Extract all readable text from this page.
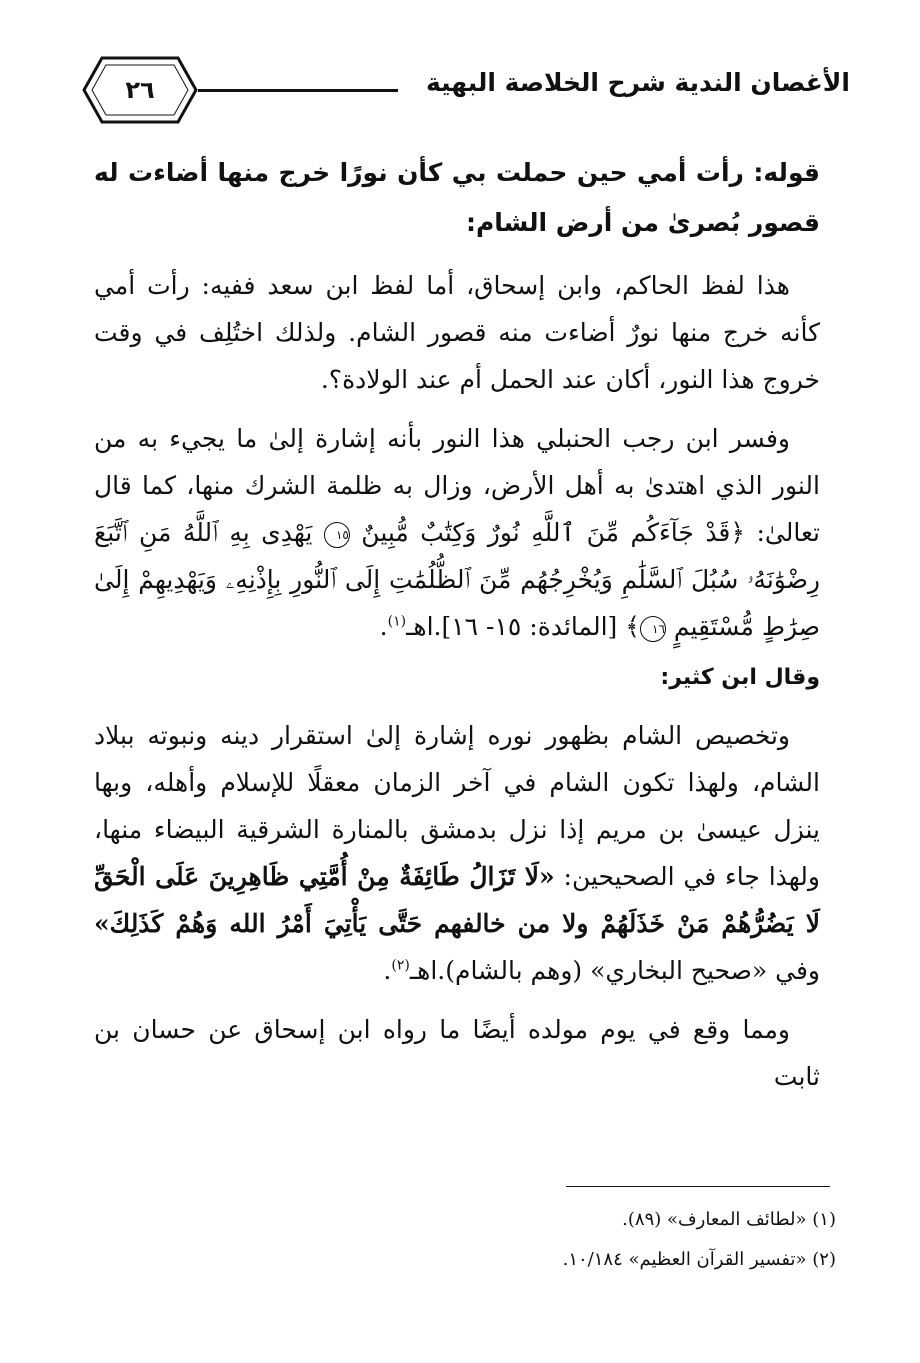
٢٦	الأغصان الندية شرح الخلاصة البهية

قوله: رأت أمي حين حملت بي كأن نورًا خرج منها أضاءت له قصور بُصرىٰ من أرض الشام:

هذا لفظ الحاكم، وابن إسحاق، أما لفظ ابن سعد ففيه: رأت أمي كأنه خرج منها نورٌ أضاءت منه قصور الشام. ولذلك اختُلِف في وقت خروج هذا النور، أكان عند الحمل أم عند الولادة؟.

وفسر ابن رجب الحنبلي هذا النور بأنه إشارة إلىٰ ما يجيء به من النور الذي اهتدىٰ به أهل الأرض، وزال به ظلمة الشرك منها، كما قال تعالىٰ: ﴿قَدْ جَآءَكُم مِّنَ ٱللَّهِ نُورٌ وَكِتَٰبٌ مُّبِينٌ ١٥ يَهْدِى بِهِ ٱللَّهُ مَنِ ٱتَّبَعَ رِضْوَٰنَهُۥ سُبُلَ ٱلسَّلَٰمِ وَيُخْرِجُهُم مِّنَ ٱلظُّلُمَٰتِ إِلَى ٱلنُّورِ بِإِذْنِهِۦ وَيَهْدِيهِمْ إِلَىٰ صِرَٰطٍ مُّسْتَقِيمٍ ١٦﴾ [المائدة: ١٥- ١٦].اهـ$^{(١)}$.

وقال ابن كثير:

وتخصيص الشام بظهور نوره إشارة إلىٰ استقرار دينه ونبوته ببلاد الشام، ولهذا تكون الشام في آخر الزمان معقلًا للإسلام وأهله، وبها ينزل عيسىٰ بن مريم إذا نزل بدمشق بالمنارة الشرقية البيضاء منها، ولهذا جاء في الصحيحين: «لَا تَزَالُ طَائِفَةٌ مِنْ أُمَّتِي ظَاهِرِينَ عَلَى الْحَقِّ لَا يَضُرُّهُمْ مَنْ خَذَلَهُمْ ولا من خالفهم حَتَّى يَأْتِيَ أَمْرُ الله وَهُمْ كَذَلِكَ» وفي «صحيح البخاري» (وهم بالشام).اهـ$^{(٢)}$.

ومما وقع في يوم مولده أيضًا ما رواه ابن إسحاق عن حسان بن ثابت

(١) «لطائف المعارف» (٨٩).

(٢) «تفسير القرآن العظيم» ١٠/١٨٤.
